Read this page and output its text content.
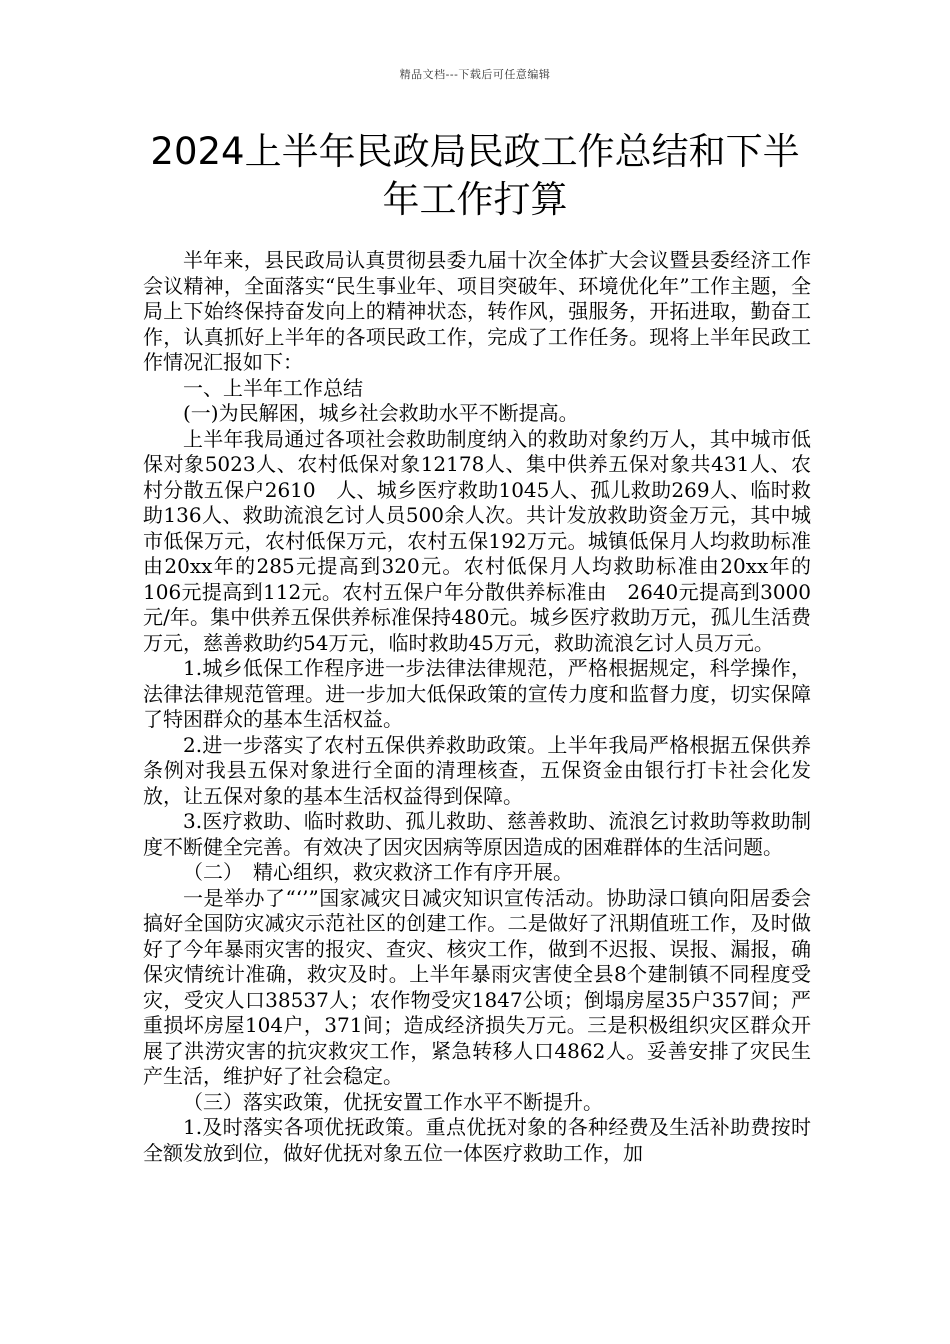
精品文档---下载后可任意编辑
2024上半年民政局民政工作总结和下半年工作打算

半年来，县民政局认真贯彻县委九届十次全体扩大会议暨县委经济工作会议精神，全面落实“民生事业年、项目突破年、环境优化年”工作主题，全局上下始终保持奋发向上的精神状态，转作风，强服务，开拓进取，勤奋工作，认真抓好上半年的各项民政工作，完成了工作任务。现将上半年民政工作情况汇报如下：

一、上半年工作总结

(一)为民解困，城乡社会救助水平不断提高。

上半年我局通过各项社会救助制度纳入的救助对象约万人，其中城市低保对象5023人、农村低保对象12178人、集中供养五保对象共431人、农村分散五保户2610　人、城乡医疗救助1045人、孤儿救助269人、临时救助136人、救助流浪乞讨人员500余人次。共计发放救助资金万元，其中城市低保万元，农村低保万元，农村五保192万元。城镇低保月人均救助标准由20xx年的285元提高到320元。农村低保月人均救助标准由20xx年的106元提高到112元。农村五保户年分散供养标准由　2640元提高到3000元/年。集中供养五保供养标准保持480元。城乡医疗救助万元，孤儿生活费万元，慈善救助约54万元，临时救助45万元，救助流浪乞讨人员万元。

1.城乡低保工作程序进一步法律法律规范，严格根据规定，科学操作，法律法律规范管理。进一步加大低保政策的宣传力度和监督力度，切实保障了特困群众的基本生活权益。

2.进一步落实了农村五保供养救助政策。上半年我局严格根据五保供养条例对我县五保对象进行全面的清理核查，五保资金由银行打卡社会化发放，让五保对象的基本生活权益得到保障。

3.医疗救助、临时救助、孤儿救助、慈善救助、流浪乞讨救助等救助制度不断健全完善。有效决了因灾因病等原因造成的困难群体的生活问题。

（二）　精心组织，救灾救济工作有序开展。

一是举办了“‘’”国家减灾日减灾知识宣传活动。协助渌口镇向阳居委会搞好全国防灾减灾示范社区的创建工作。二是做好了汛期值班工作，及时做好了今年暴雨灾害的报灾、查灾、核灾工作，做到不迟报、误报、漏报，确保灾情统计准确，救灾及时。上半年暴雨灾害使全县8个建制镇不同程度受灾，受灾人口38537人；农作物受灾1847公顷；倒塌房屋35户357间；严重损坏房屋104户，371间；造成经济损失万元。三是积极组织灾区群众开展了洪涝灾害的抗灾救灾工作，紧急转移人口4862人。妥善安排了灾民生产生活，维护好了社会稳定。

（三）落实政策，优抚安置工作水平不断提升。

1.及时落实各项优抚政策。重点优抚对象的各种经费及生活补助费按时全额发放到位，做好优抚对象五位一体医疗救助工作，加
